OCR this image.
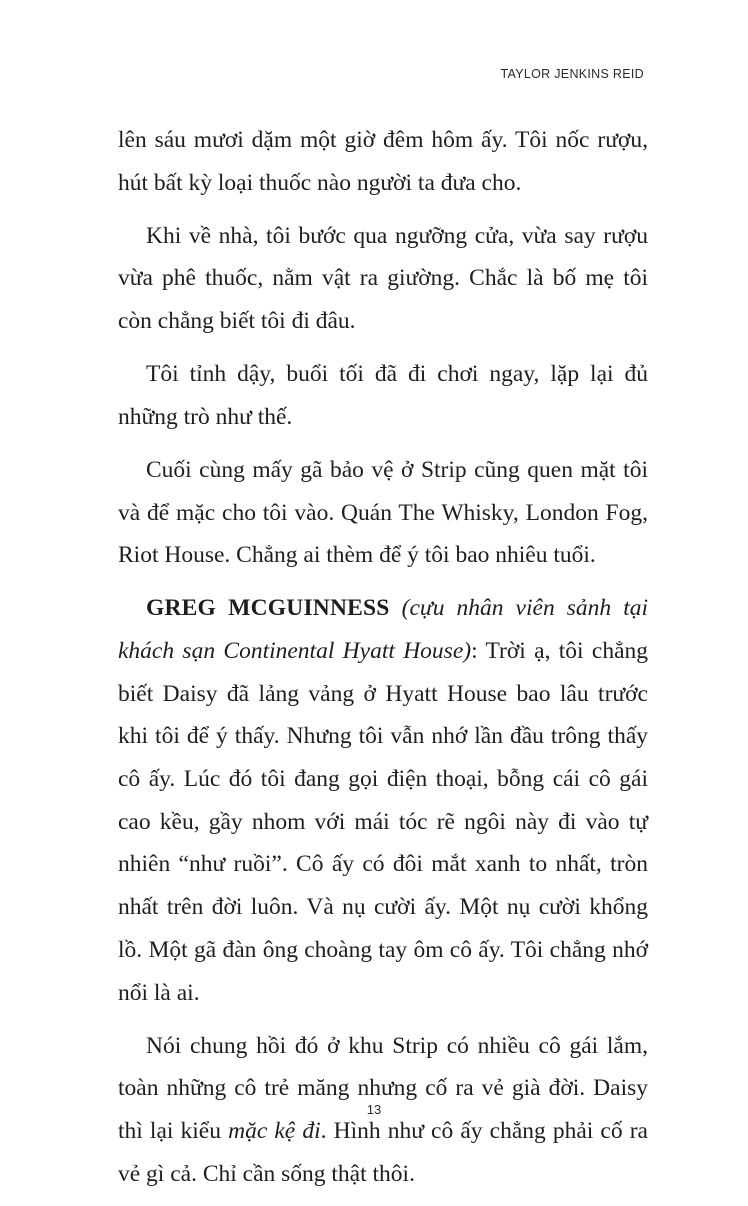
TAYLOR JENKINS REID

lên sáu mươi dặm một giờ đêm hôm ấy. Tôi nốc rượu, hút bất kỳ loại thuốc nào người ta đưa cho.

Khi về nhà, tôi bước qua ngưỡng cửa, vừa say rượu vừa phê thuốc, nằm vật ra giường. Chắc là bố mẹ tôi còn chẳng biết tôi đi đâu.

Tôi tỉnh dậy, buổi tối đã đi chơi ngay, lặp lại đủ những trò như thế.

Cuối cùng mấy gã bảo vệ ở Strip cũng quen mặt tôi và để mặc cho tôi vào. Quán The Whisky, London Fog, Riot House. Chẳng ai thèm để ý tôi bao nhiêu tuổi.

GREG MCGUINNESS (cựu nhân viên sảnh tại khách sạn Continental Hyatt House): Trời ạ, tôi chẳng biết Daisy đã lảng vảng ở Hyatt House bao lâu trước khi tôi để ý thấy. Nhưng tôi vẫn nhớ lần đầu trông thấy cô ấy. Lúc đó tôi đang gọi điện thoại, bỗng cái cô gái cao kều, gầy nhom với mái tóc rẽ ngôi này đi vào tự nhiên “như ruồi”. Cô ấy có đôi mắt xanh to nhất, tròn nhất trên đời luôn. Và nụ cười ấy. Một nụ cười khổng lồ. Một gã đàn ông choàng tay ôm cô ấy. Tôi chẳng nhớ nổi là ai.

Nói chung hồi đó ở khu Strip có nhiều cô gái lắm, toàn những cô trẻ măng nhưng cố ra vẻ già đời. Daisy thì lại kiểu mặc kệ đi. Hình như cô ấy chẳng phải cố ra vẻ gì cả. Chỉ cần sống thật thôi.

13
